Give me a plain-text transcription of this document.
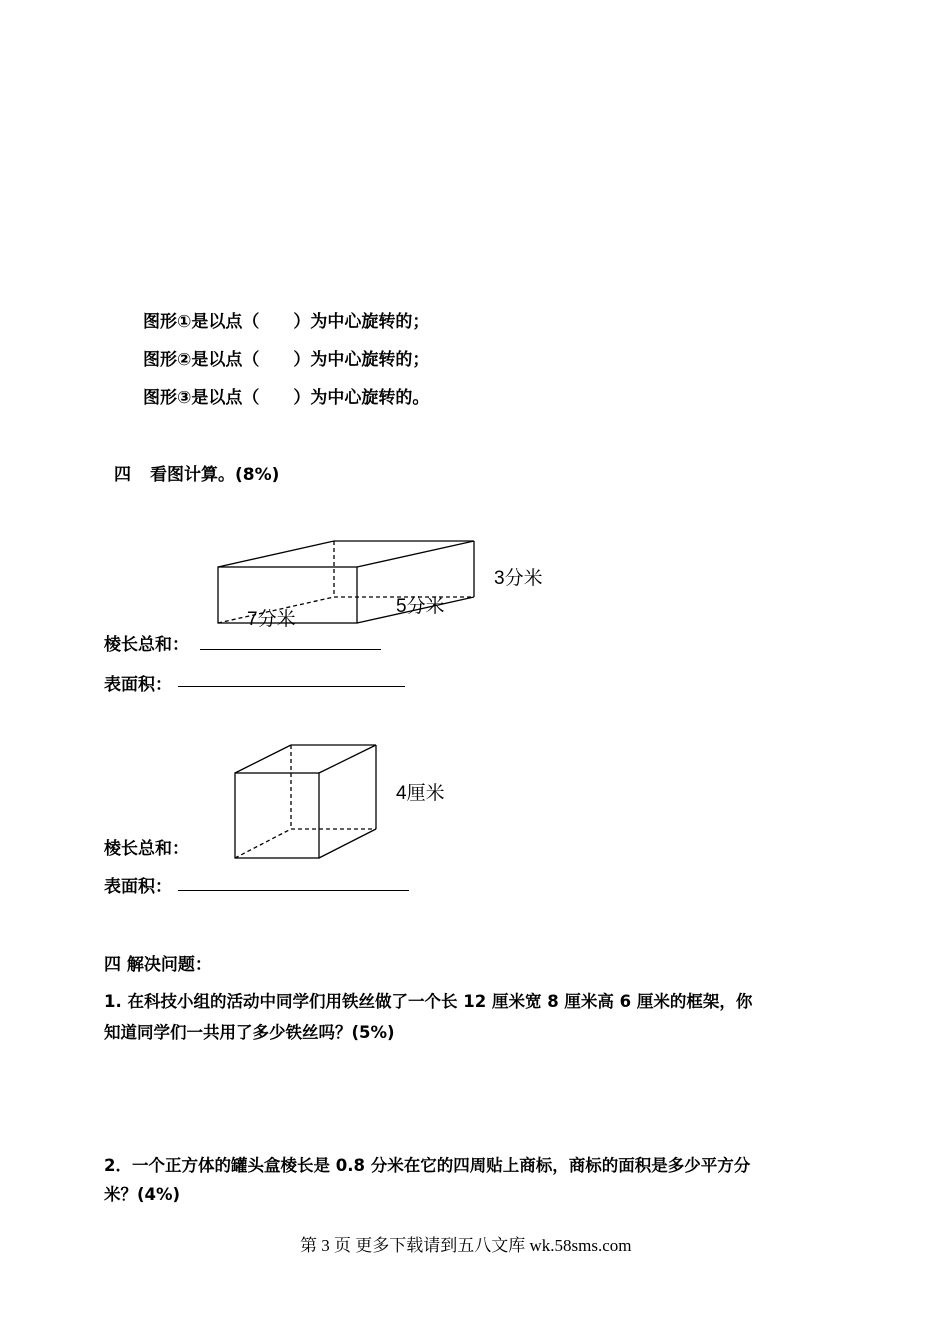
图形①是以点（　　）为中心旋转的；
图形②是以点（　　）为中心旋转的；
图形③是以点（　　）为中心旋转的。
四 看图计算。(8%)
3分米
7分米
5分米
棱长总和：
表面积：
4厘米
棱长总和：
表面积：
四 解决问题：
1. 在科技小组的活动中同学们用铁丝做了一个长 12 厘米宽 8 厘米高 6 厘米的框架，你
知道同学们一共用了多少铁丝吗？(5%)
2．一个正方体的罐头盒棱长是 0.8 分米在它的四周贴上商标，商标的面积是多少平方分
米？(4%)
第 3 页 更多下载请到五八文库 wk.58sms.com
